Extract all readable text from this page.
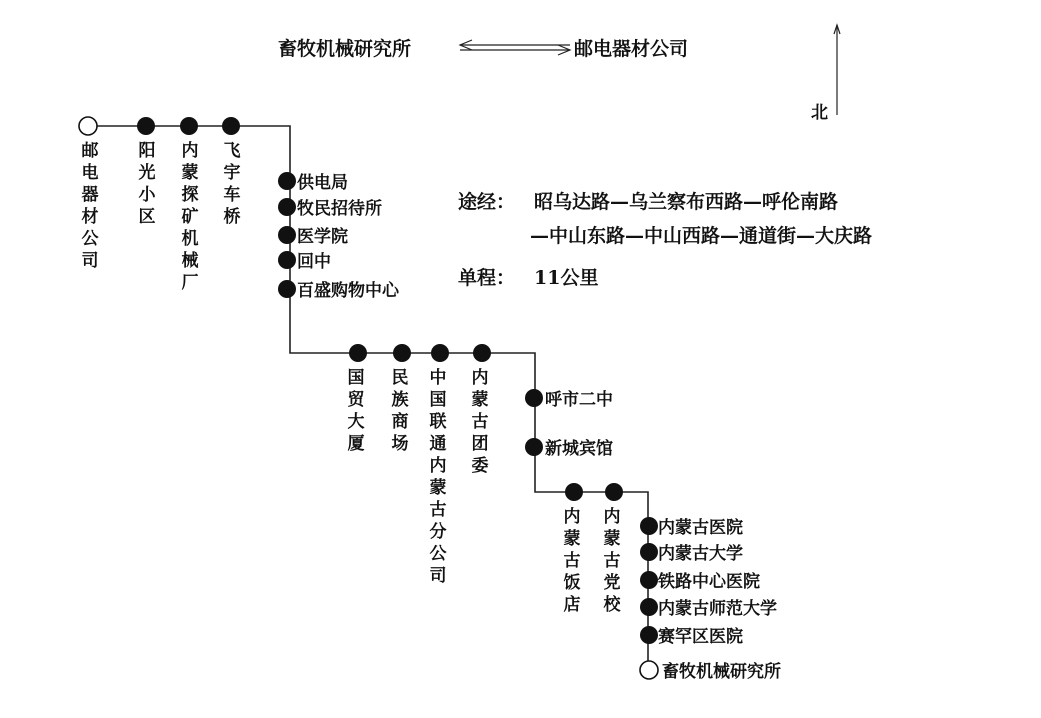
畜牧机械研究所	邮电器材公司
北
途经： 昭乌达路—乌兰察布西路—呼伦南路
—中山东路—中山西路—通道街—大庆路
单程： 11公里
邮电器材公司
阳光小区
内蒙探矿机械厂
飞宇车桥
供电局
牧民招待所
医学院
回中
百盛购物中心
国贸大厦
民族商场
中国联通内蒙古分公司
内蒙古团委
呼市二中
新城宾馆
内蒙古饭店
内蒙古党校
内蒙古医院
内蒙古大学
铁路中心医院
内蒙古师范大学
赛罕区医院
畜牧机械研究所
